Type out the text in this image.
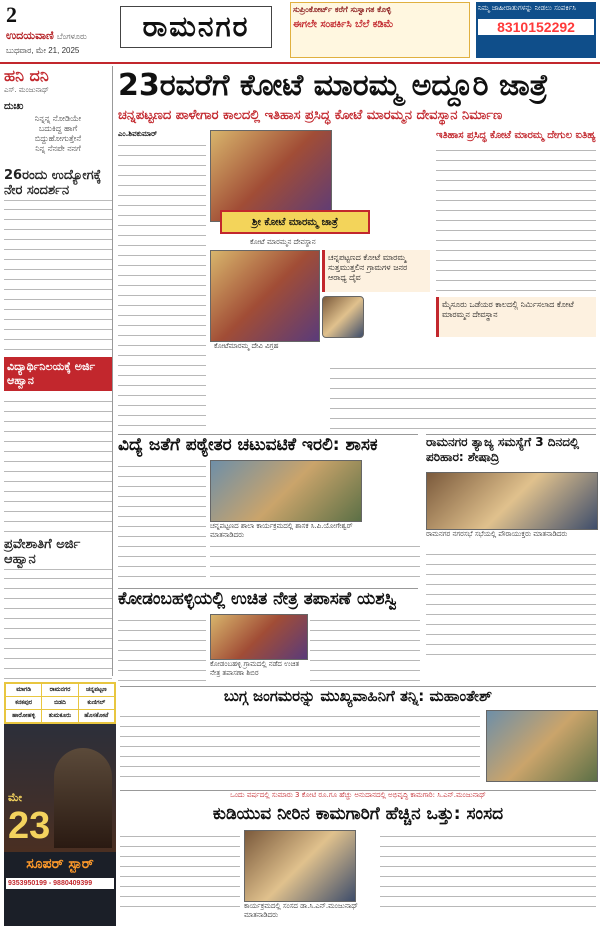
2
ಉದಯವಾಣಿ ಬೆಂಗಳೂರು
ಬುಧವಾರ, ಮೇ 21, 2025
ರಾಮನಗರ
ಸುಪ್ರಿಂಕೋರ್ಟ್ ಕರೆಗೆ ಸುಸ್ವಾಗತ ಕೊಳ್ಳಿ
ಈಗಲೇ ಸಂಪರ್ಕಿಸಿ ಬೆಲೆ ಕಡಿಮೆ
ನಿಮ್ಮ ಜಾಹೀರಾತುಗಳನ್ನು ನೀಡಲು ಸಂಪರ್ಕಿಸಿ
8310152292
ಹನಿ ದನಿ
ಎಸ್. ಮಂಜುನಾಥ್
ದುಃಖ
ನಿನ್ನನ್ನ ನೋಡಿಯೇ
ಬದುಕಿದ್ದ ಹಾಗೆ
ಬಿದ್ದುಹೋಗುತ್ತೇನೆ
ನಿನ್ನ ನೆನಪೇ ನನಗೆ
26ರಂದು ಉದ್ಯೋಗಕ್ಕೆ ನೇರ ಸಂದರ್ಶನ
ವಿದ್ಯಾರ್ಥಿನಿಲಯಕ್ಕೆ ಅರ್ಜಿ ಆಹ್ವಾನ
ಪ್ರವೇಶಾತಿಗೆ ಅರ್ಜಿ ಆಹ್ವಾನ
23ರವರೆಗೆ ಕೋಟೆ ಮಾರಮ್ಮ ಅದ್ದೂರಿ ಜಾತ್ರೆ
ಚನ್ನಪಟ್ಟಣದ ಪಾಳೇಗಾರ ಕಾಲದಲ್ಲಿ ಇತಿಹಾಸ ಪ್ರಸಿದ್ಧ ಕೋಟೆ ಮಾರಮ್ಮನ ದೇವಸ್ಥಾನ ನಿರ್ಮಾಣ
ಎಂ.ಶಿವಕುಮಾರ್
ಶ್ರೀ ಕೋಟೆ ಮಾರಮ್ಮ ಜಾತ್ರೆ
ಕೋಟೆ ಮಾರಮ್ಮನ ದೇವಸ್ಥಾನ
ಕೋಟೆಮಾರಮ್ಮ ದೇವಿ ವಿಗ್ರಹ
ಚನ್ನಪಟ್ಟಣದ ಕೋಟೆ ಮಾರಮ್ಮ ಸುತ್ತಮುತ್ತಲಿನ ಗ್ರಾಮಗಳ ಜನರ ಆರಾಧ್ಯ ದೈವ
ಇತಿಹಾಸ ಪ್ರಸಿದ್ಧ ಕೋಟೆ ಮಾರಮ್ಮ ದೇಗುಲ ಐತಿಹ್ಯ
ಮೈಸೂರು ಒಡೆಯರ ಕಾಲದಲ್ಲಿ ನಿರ್ಮಿಸಲಾದ ಕೋಟೆ ಮಾರಮ್ಮನ ದೇವಸ್ಥಾನ
ವಿದ್ಯೆ ಜತೆಗೆ ಪಠ್ಯೇತರ ಚಟುವಟಿಕೆ ಇರಲಿ: ಶಾಸಕ
ಚನ್ನಪಟ್ಟಣದ ಶಾಲಾ ಕಾರ್ಯಕ್ರಮದಲ್ಲಿ ಶಾಸಕ ಸಿ.ಪಿ.ಯೋಗೇಶ್ವರ್ ಮಾತನಾಡಿದರು
ರಾಮನಗರ ತ್ಯಾಜ್ಯ ಸಮಸ್ಯೆಗೆ 3 ದಿನದಲ್ಲಿ ಪರಿಹಾರ: ಶೇಷಾದ್ರಿ
ರಾಮನಗರ ನಗರಸಭೆ ಸಭೆಯಲ್ಲಿ ಪೌರಾಯುಕ್ತರು ಮಾತನಾಡಿದರು
ಕೋಡಂಬಹಳ್ಳಿಯಲ್ಲಿ ಉಚಿತ ನೇತ್ರ ತಪಾಸಣೆ ಯಶಸ್ವಿ
ಕೋಡಂಬಹಳ್ಳಿ ಗ್ರಾಮದಲ್ಲಿ ನಡೆದ ಉಚಿತ ನೇತ್ರ ತಪಾಸಣಾ ಶಿಬಿರ
ಬುಗ್ಗ ಜಂಗಮರನ್ನು ಮುಖ್ಯವಾಹಿನಿಗೆ ತನ್ನಿ: ಮಹಾಂತೇಶ್
ಒಂದು ವರ್ಷದಲ್ಲಿ ಸುಮಾರು 3 ಕೋಟಿ ರೂ.ಗೂ ಹೆಚ್ಚು ಅನುದಾನದಲ್ಲಿ ಅಭಿವೃದ್ಧಿ ಕಾಮಗಾರಿ: ಸಿ.ಎನ್.ಮಂಜುನಾಥ್
ಕುಡಿಯುವ ನೀರಿನ ಕಾಮಗಾರಿಗೆ ಹೆಚ್ಚಿನ ಒತ್ತು: ಸಂಸದ
ಕಾರ್ಯಕ್ರಮದಲ್ಲಿ ಸಂಸದ ಡಾ.ಸಿ.ಎನ್.ಮಂಜುನಾಥ್ ಮಾತನಾಡಿದರು
ಮಾಗಡಿ	ರಾಮನಗರ	ಚನ್ನಪಟ್ಟಣ
ಕನಕಪುರ	ಬಿಡದಿ	ಕುಣಿಗಲ್
ಹಾರೋಹಳ್ಳಿ	ತುಮಕೂರು	ಹೊಸಕೋಟೆ
ಮೇ
23
ಸೂಪರ್ ಸ್ಟಾರ್
9353950199 - 9880409399
